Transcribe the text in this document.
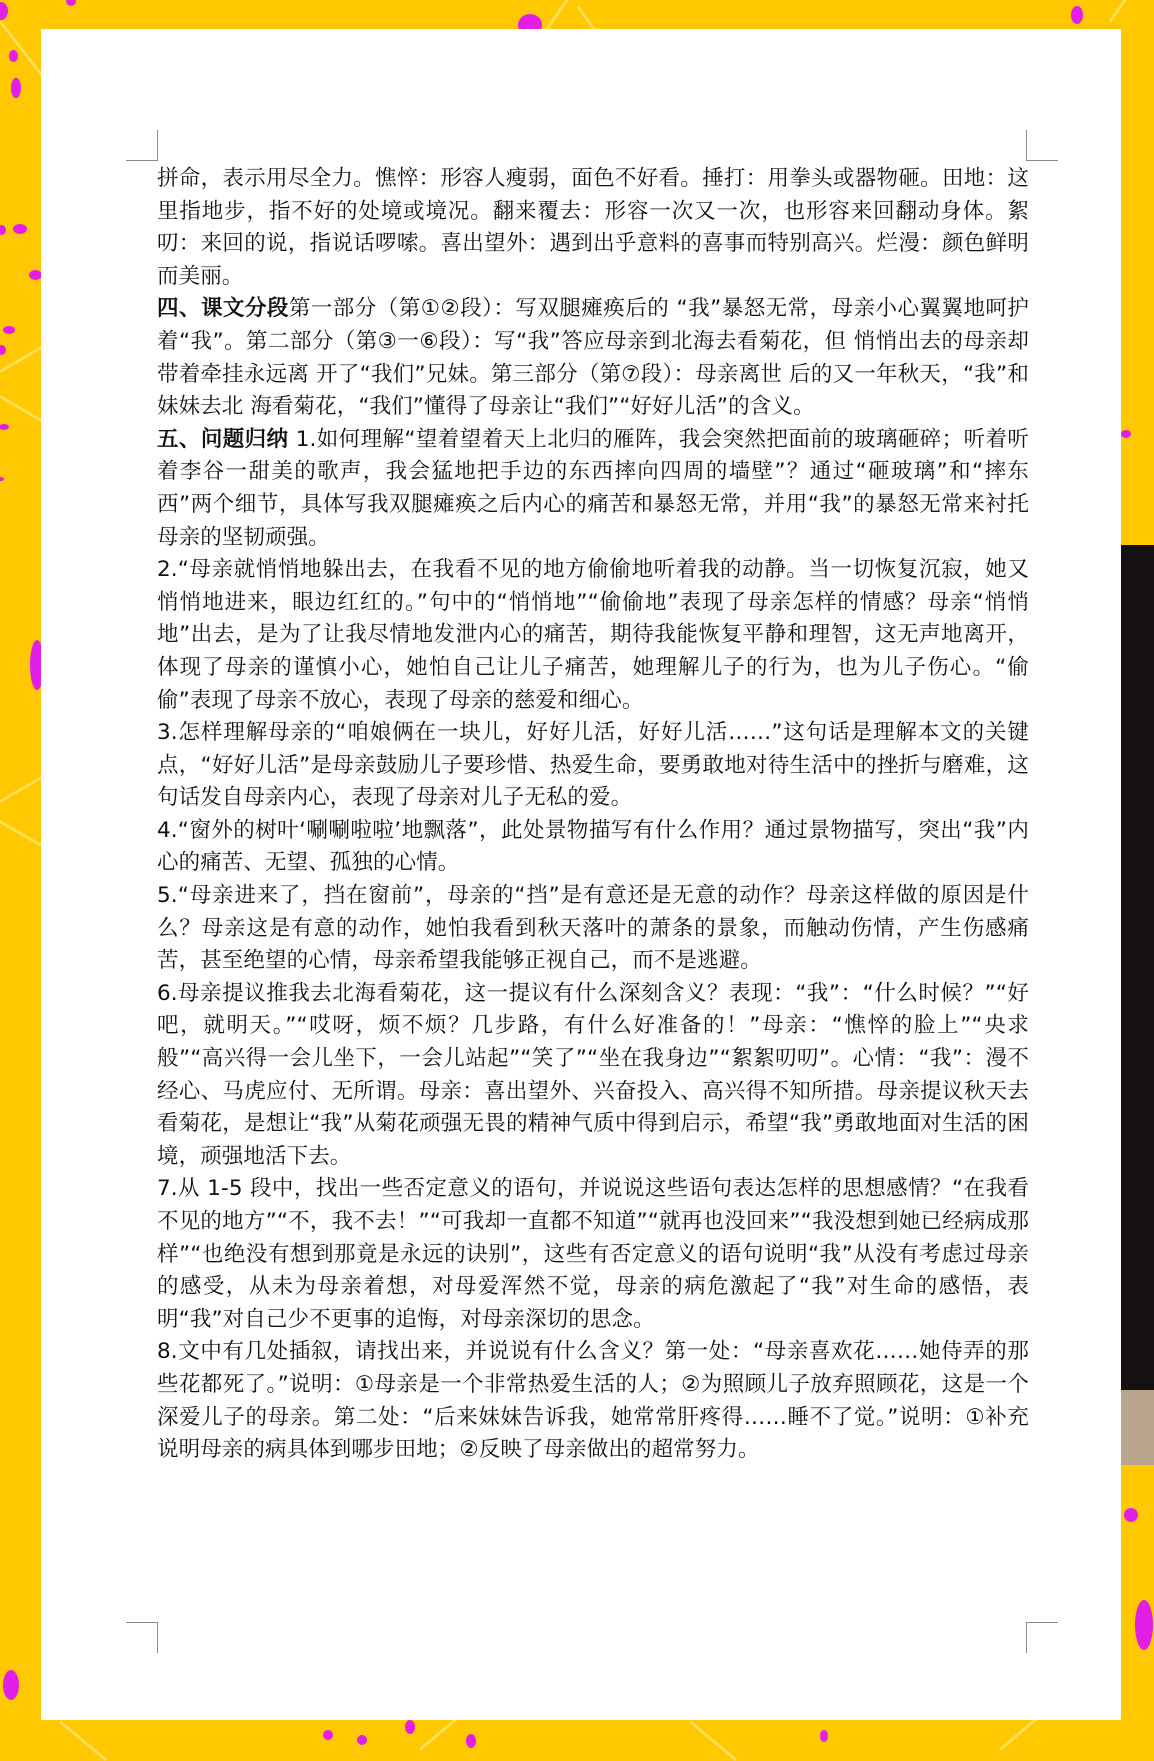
拼命，表示用尽全力。憔悴：形容人瘦弱，面色不好看。捶打：用拳头或器物砸。田地：这里指地步，指不好的处境或境况。翻来覆去：形容一次又一次，也形容来回翻动身体。絮叨：来回的说，指说话啰嗦。喜出望外：遇到出乎意料的喜事而特别高兴。烂漫：颜色鲜明而美丽。

四、课文分段第一部分（第①②段）：写双腿瘫痪后的 “我”暴怒无常，母亲小心翼翼地呵护着“我”。第二部分（第③一⑥段）：写“我”答应母亲到北海去看菊花，但 悄悄出去的母亲却带着牵挂永远离 开了“我们”兄妹。第三部分（第⑦段）：母亲离世 后的又一年秋天，“我”和妹妹去北 海看菊花，“我们”懂得了母亲让“我们”“好好儿活”的含义。

五、问题归纳 1.如何理解“望着望着天上北归的雁阵，我会突然把面前的玻璃砸碎；听着听着李谷一甜美的歌声，我会猛地把手边的东西摔向四周的墙壁”？通过“砸玻璃”和“摔东西”两个细节，具体写我双腿瘫痪之后内心的痛苦和暴怒无常，并用“我”的暴怒无常来衬托母亲的坚韧顽强。

2.“母亲就悄悄地躲出去，在我看不见的地方偷偷地听着我的动静。当一切恢复沉寂，她又悄悄地进来，眼边红红的。”句中的“悄悄地”“偷偷地”表现了母亲怎样的情感？母亲“悄悄地”出去，是为了让我尽情地发泄内心的痛苦，期待我能恢复平静和理智，这无声地离开，体现了母亲的谨慎小心，她怕自己让儿子痛苦，她理解儿子的行为，也为儿子伤心。“偷偷”表现了母亲不放心，表现了母亲的慈爱和细心。

3.怎样理解母亲的“咱娘俩在一块儿，好好儿活，好好儿活……”这句话是理解本文的关键点，“好好儿活”是母亲鼓励儿子要珍惜、热爱生命，要勇敢地对待生活中的挫折与磨难，这句话发自母亲内心，表现了母亲对儿子无私的爱。

4.“窗外的树叶‘唰唰啦啦’地飘落”，此处景物描写有什么作用？通过景物描写，突出“我”内心的痛苦、无望、孤独的心情。

5.“母亲进来了，挡在窗前”，母亲的“挡”是有意还是无意的动作？母亲这样做的原因是什么？母亲这是有意的动作，她怕我看到秋天落叶的萧条的景象，而触动伤情，产生伤感痛苦，甚至绝望的心情，母亲希望我能够正视自己，而不是逃避。

6.母亲提议推我去北海看菊花，这一提议有什么深刻含义？表现：“我”：“什么时候？”“好吧，就明天。”“哎呀，烦不烦？几步路，有什么好准备的！”母亲：“憔悴的脸上”“央求般”“高兴得一会儿坐下，一会儿站起”“笑了”“坐在我身边”“絮絮叨叨”。心情：“我”：漫不经心、马虎应付、无所谓。母亲：喜出望外、兴奋投入、高兴得不知所措。母亲提议秋天去看菊花，是想让“我”从菊花顽强无畏的精神气质中得到启示，希望“我”勇敢地面对生活的困境，顽强地活下去。

7.从 1-5 段中，找出一些否定意义的语句，并说说这些语句表达怎样的思想感情？“在我看不见的地方”“不，我不去！”“可我却一直都不知道”“就再也没回来”“我没想到她已经病成那样”“也绝没有想到那竟是永远的诀别”，这些有否定意义的语句说明“我”从没有考虑过母亲的感受，从未为母亲着想，对母爱浑然不觉，母亲的病危激起了“我”对生命的感悟，表明“我”对自己少不更事的追悔，对母亲深切的思念。

8.文中有几处插叙，请找出来，并说说有什么含义？第一处：“母亲喜欢花……她侍弄的那些花都死了。”说明：①母亲是一个非常热爱生活的人；②为照顾儿子放弃照顾花，这是一个深爱儿子的母亲。第二处：“后来妹妹告诉我，她常常肝疼得……睡不了觉。”说明：①补充说明母亲的病具体到哪步田地；②反映了母亲做出的超常努力。
